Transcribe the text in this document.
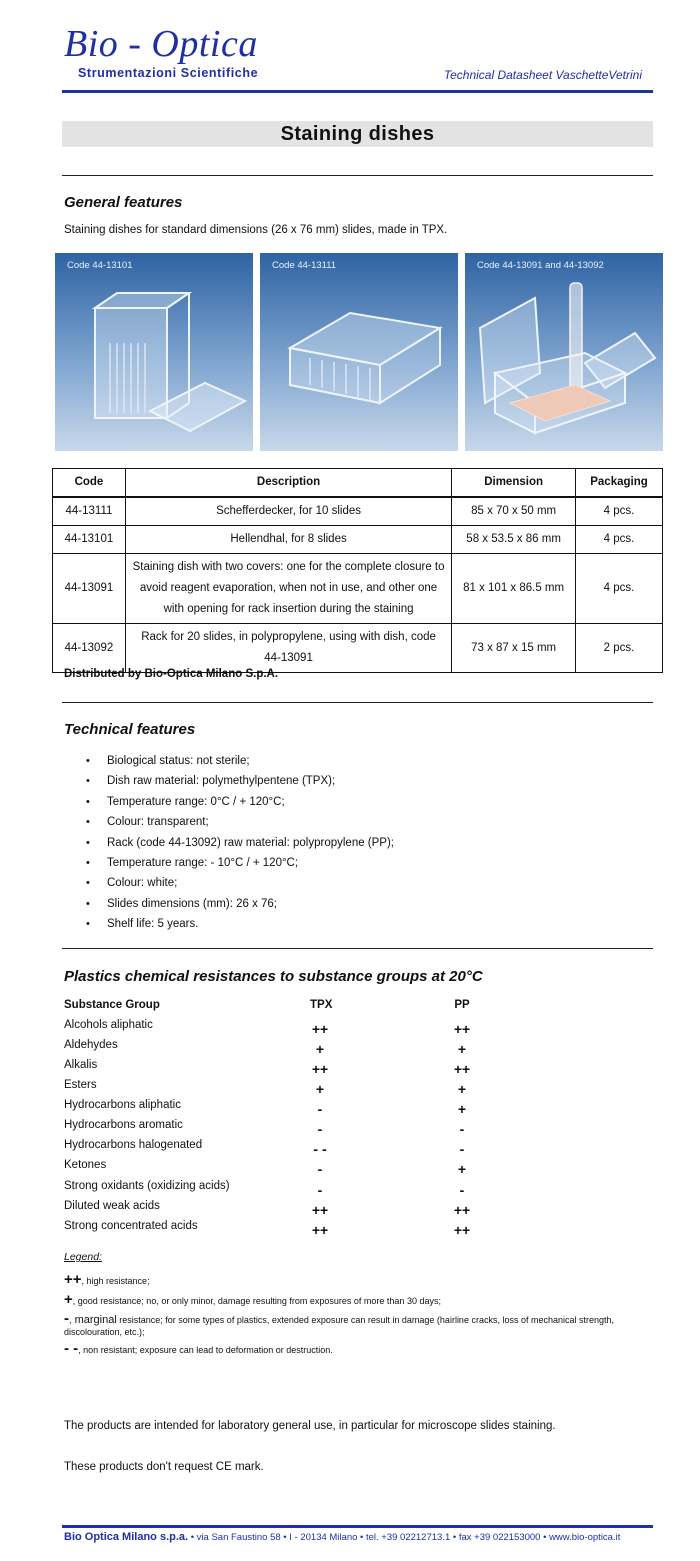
Bio - Optica
Strumentazioni Scientifiche	Technical Datasheet VaschetteVetrini
Staining dishes
General features
Staining dishes for standard dimensions (26 x 76 mm) slides, made in TPX.
Code 44-13101	Code 44-13111	Code 44-13091 and 44-13092
Code	Description	Dimension	Packaging
44-13111	Schefferdecker, for 10 slides	85 x 70 x 50 mm	4 pcs.
44-13101	Hellendhal, for 8 slides	58 x 53.5 x 86 mm	4 pcs.
44-13091	Staining dish with two covers: one for the complete closure to avoid reagent evaporation, when not in use, and other one with opening for rack insertion during the staining	81 x 101 x 86.5 mm	4 pcs.
44-13092	Rack for 20 slides, in polypropylene, using with dish, code 44-13091	73 x 87 x 15 mm	2 pcs.
Distributed by Bio-Optica Milano S.p.A.
Technical features
• Biological status: not sterile;
• Dish raw material: polymethylpentene (TPX);
• Temperature range: 0°C / + 120°C;
• Colour: transparent;
• Rack (code 44-13092) raw material: polypropylene (PP);
• Temperature range: - 10°C / + 120°C;
• Colour: white;
• Slides dimensions (mm): 26 x 76;
• Shelf life: 5 years.
Plastics chemical resistances to substance groups at 20°C
Substance Group	TPX	PP
Alcohols aliphatic	++	++
Aldehydes	+	+
Alkalis	++	++
Esters	+	+
Hydrocarbons aliphatic	-	+
Hydrocarbons aromatic	-	-
Hydrocarbons halogenated	- -	-
Ketones	-	+
Strong oxidants (oxidizing acids)	-	-
Diluted weak acids	++	++
Strong concentrated acids	++	++
Legend:
++, high resistance;
+, good resistance; no, or only minor, damage resulting from exposures of more than 30 days;
-, marginal resistance; for some types of plastics, extended exposure can result in damage (hairline cracks, loss of mechanical strength, discolouration, etc.);
- -, non resistant; exposure can lead to deformation or destruction.
The products are intended for laboratory general use, in particular for microscope slides staining.
These products don't request CE mark.
Bio Optica Milano s.p.a. • via San Faustino 58 • I - 20134 Milano • tel. +39 02212713.1 • fax +39 022153000 • www.bio-optica.it
